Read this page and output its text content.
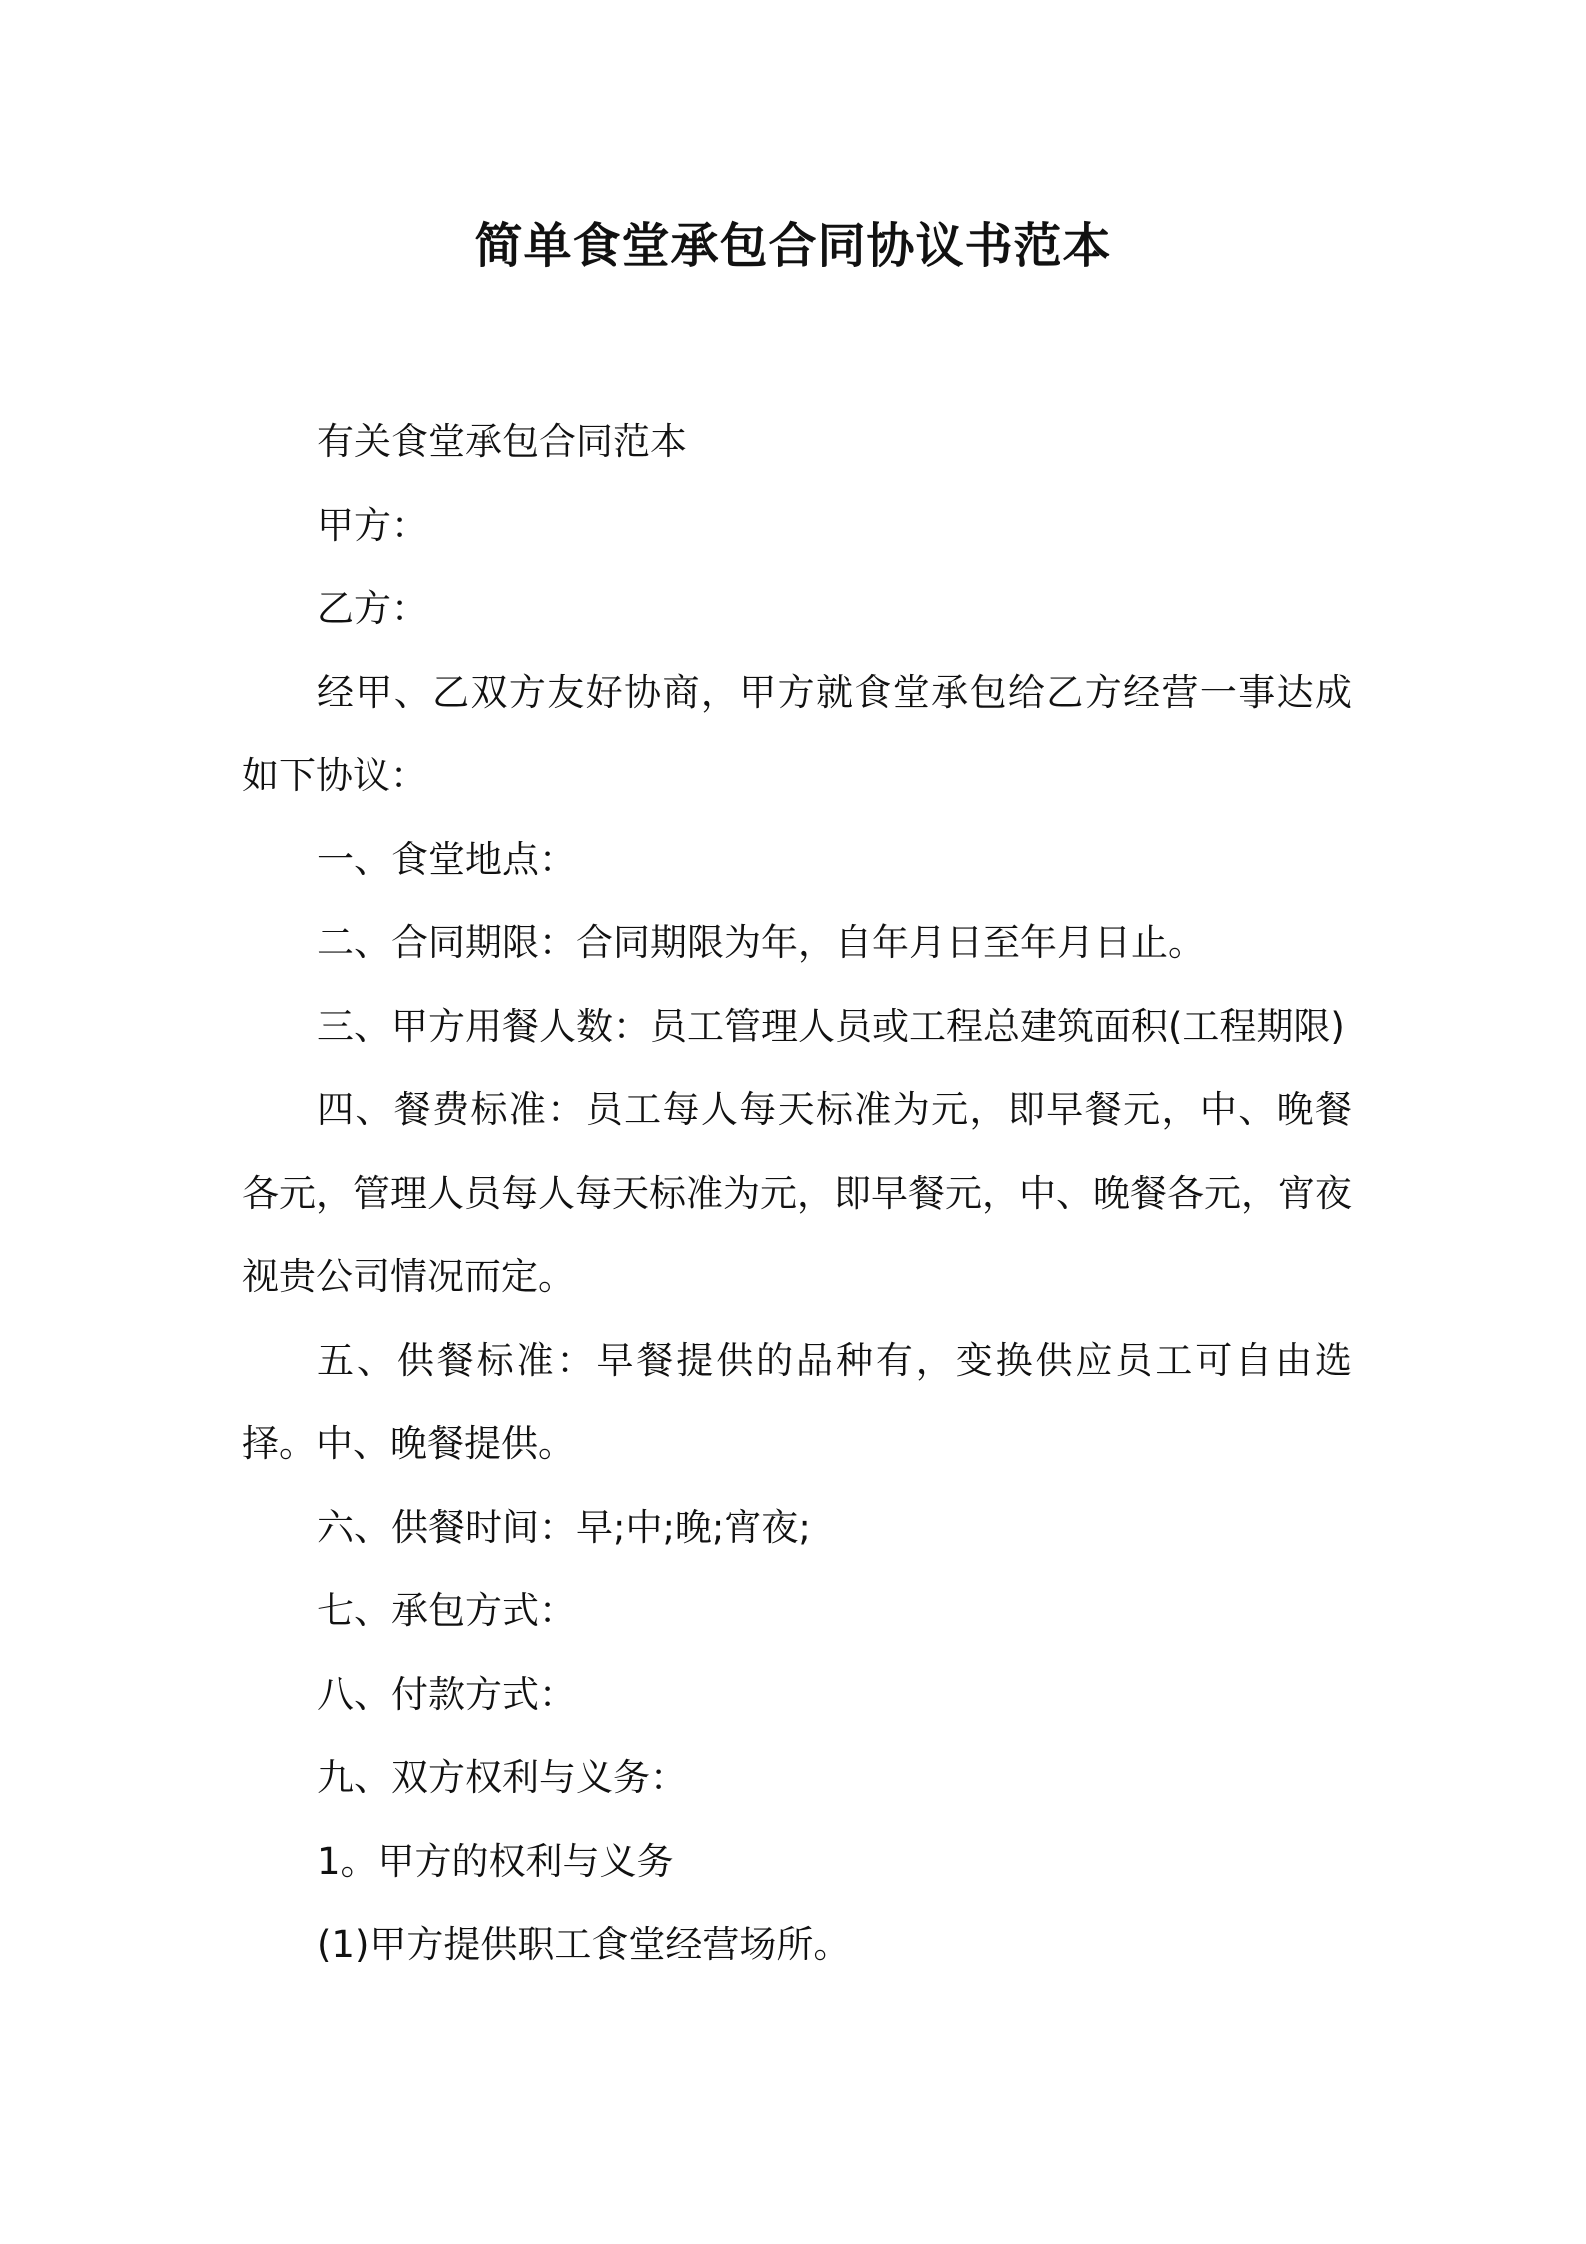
简单食堂承包合同协议书范本

有关食堂承包合同范本

甲方：

乙方：

经甲、乙双方友好协商，甲方就食堂承包给乙方经营一事达成如下协议：

一、食堂地点：

二、合同期限：合同期限为年，自年月日至年月日止。

三、甲方用餐人数：员工管理人员或工程总建筑面积(工程期限)

四、餐费标准：员工每人每天标准为元，即早餐元，中、晚餐各元，管理人员每人每天标准为元，即早餐元，中、晚餐各元，宵夜视贵公司情况而定。

五、供餐标准：早餐提供的品种有，变换供应员工可自由选择。中、晚餐提供。

六、供餐时间：早;中;晚;宵夜;

七、承包方式：

八、付款方式：

九、双方权利与义务：

1。甲方的权利与义务

(1)甲方提供职工食堂经营场所。
